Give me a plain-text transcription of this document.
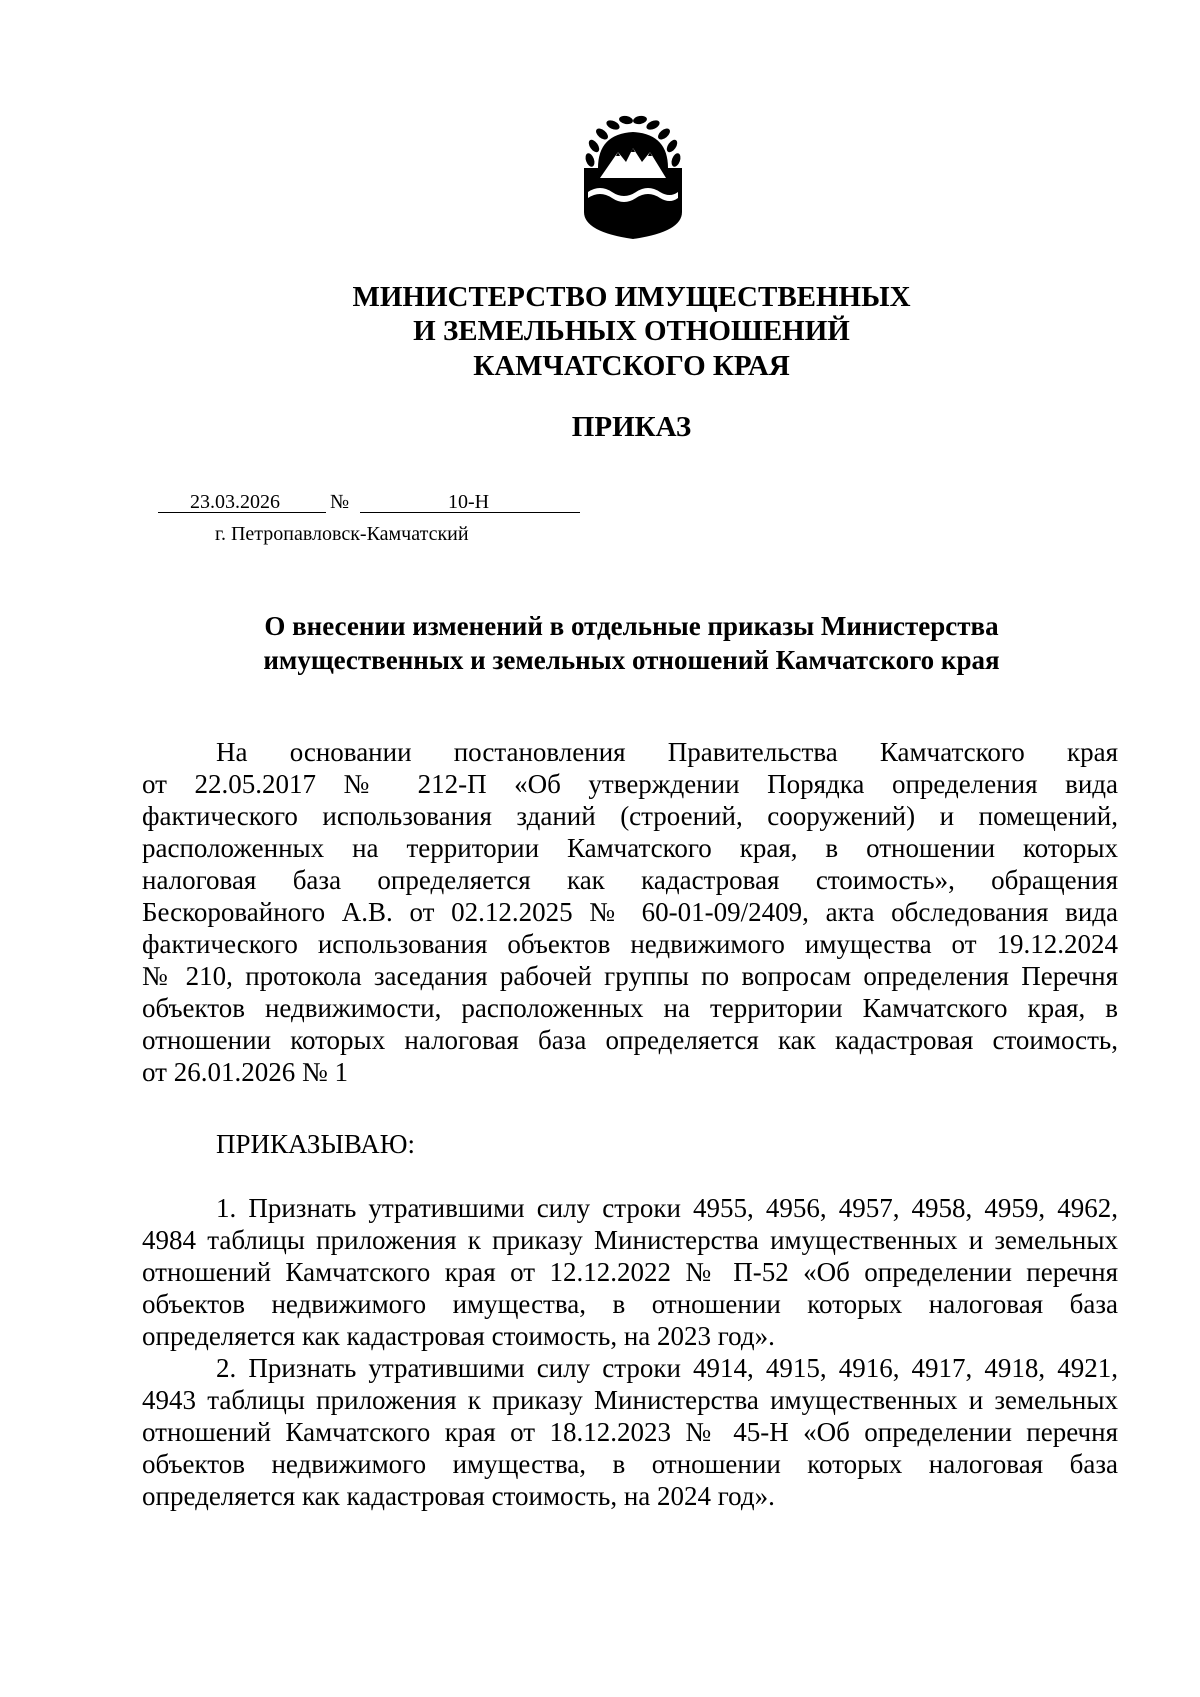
МИНИСТЕРСТВО ИМУЩЕСТВЕННЫХ
И ЗЕМЕЛЬНЫХ ОТНОШЕНИЙ
КАМЧАТСКОГО КРАЯ
ПРИКАЗ
23.03.2026	№	10-Н
г. Петропавловск-Камчатский
О внесении изменений в отдельные приказы Министерства
имущественных и земельных отношений Камчатского края
На основании постановления Правительства Камчатского края
от 22.05.2017 № 212-П «Об утверждении Порядка определения вида
фактического использования зданий (строений, сооружений) и помещений,
расположенных на территории Камчатского края, в отношении которых
налоговая база определяется как кадастровая стоимость», обращения
Бескоровайного А.В. от 02.12.2025 № 60-01-09/2409, акта обследования вида
фактического использования объектов недвижимого имущества от 19.12.2024
№ 210, протокола заседания рабочей группы по вопросам определения Перечня
объектов недвижимости, расположенных на территории Камчатского края, в
отношении которых налоговая база определяется как кадастровая стоимость,
от 26.01.2026 № 1
ПРИКАЗЫВАЮ:
1. Признать утратившими силу строки 4955, 4956, 4957, 4958, 4959, 4962,
4984 таблицы приложения к приказу Министерства имущественных и земельных
отношений Камчатского края от 12.12.2022 № П-52 «Об определении перечня
объектов недвижимого имущества, в отношении которых налоговая база
определяется как кадастровая стоимость, на 2023 год».
2. Признать утратившими силу строки 4914, 4915, 4916, 4917, 4918, 4921,
4943 таблицы приложения к приказу Министерства имущественных и земельных
отношений Камчатского края от 18.12.2023 № 45-Н «Об определении перечня
объектов недвижимого имущества, в отношении которых налоговая база
определяется как кадастровая стоимость, на 2024 год».
